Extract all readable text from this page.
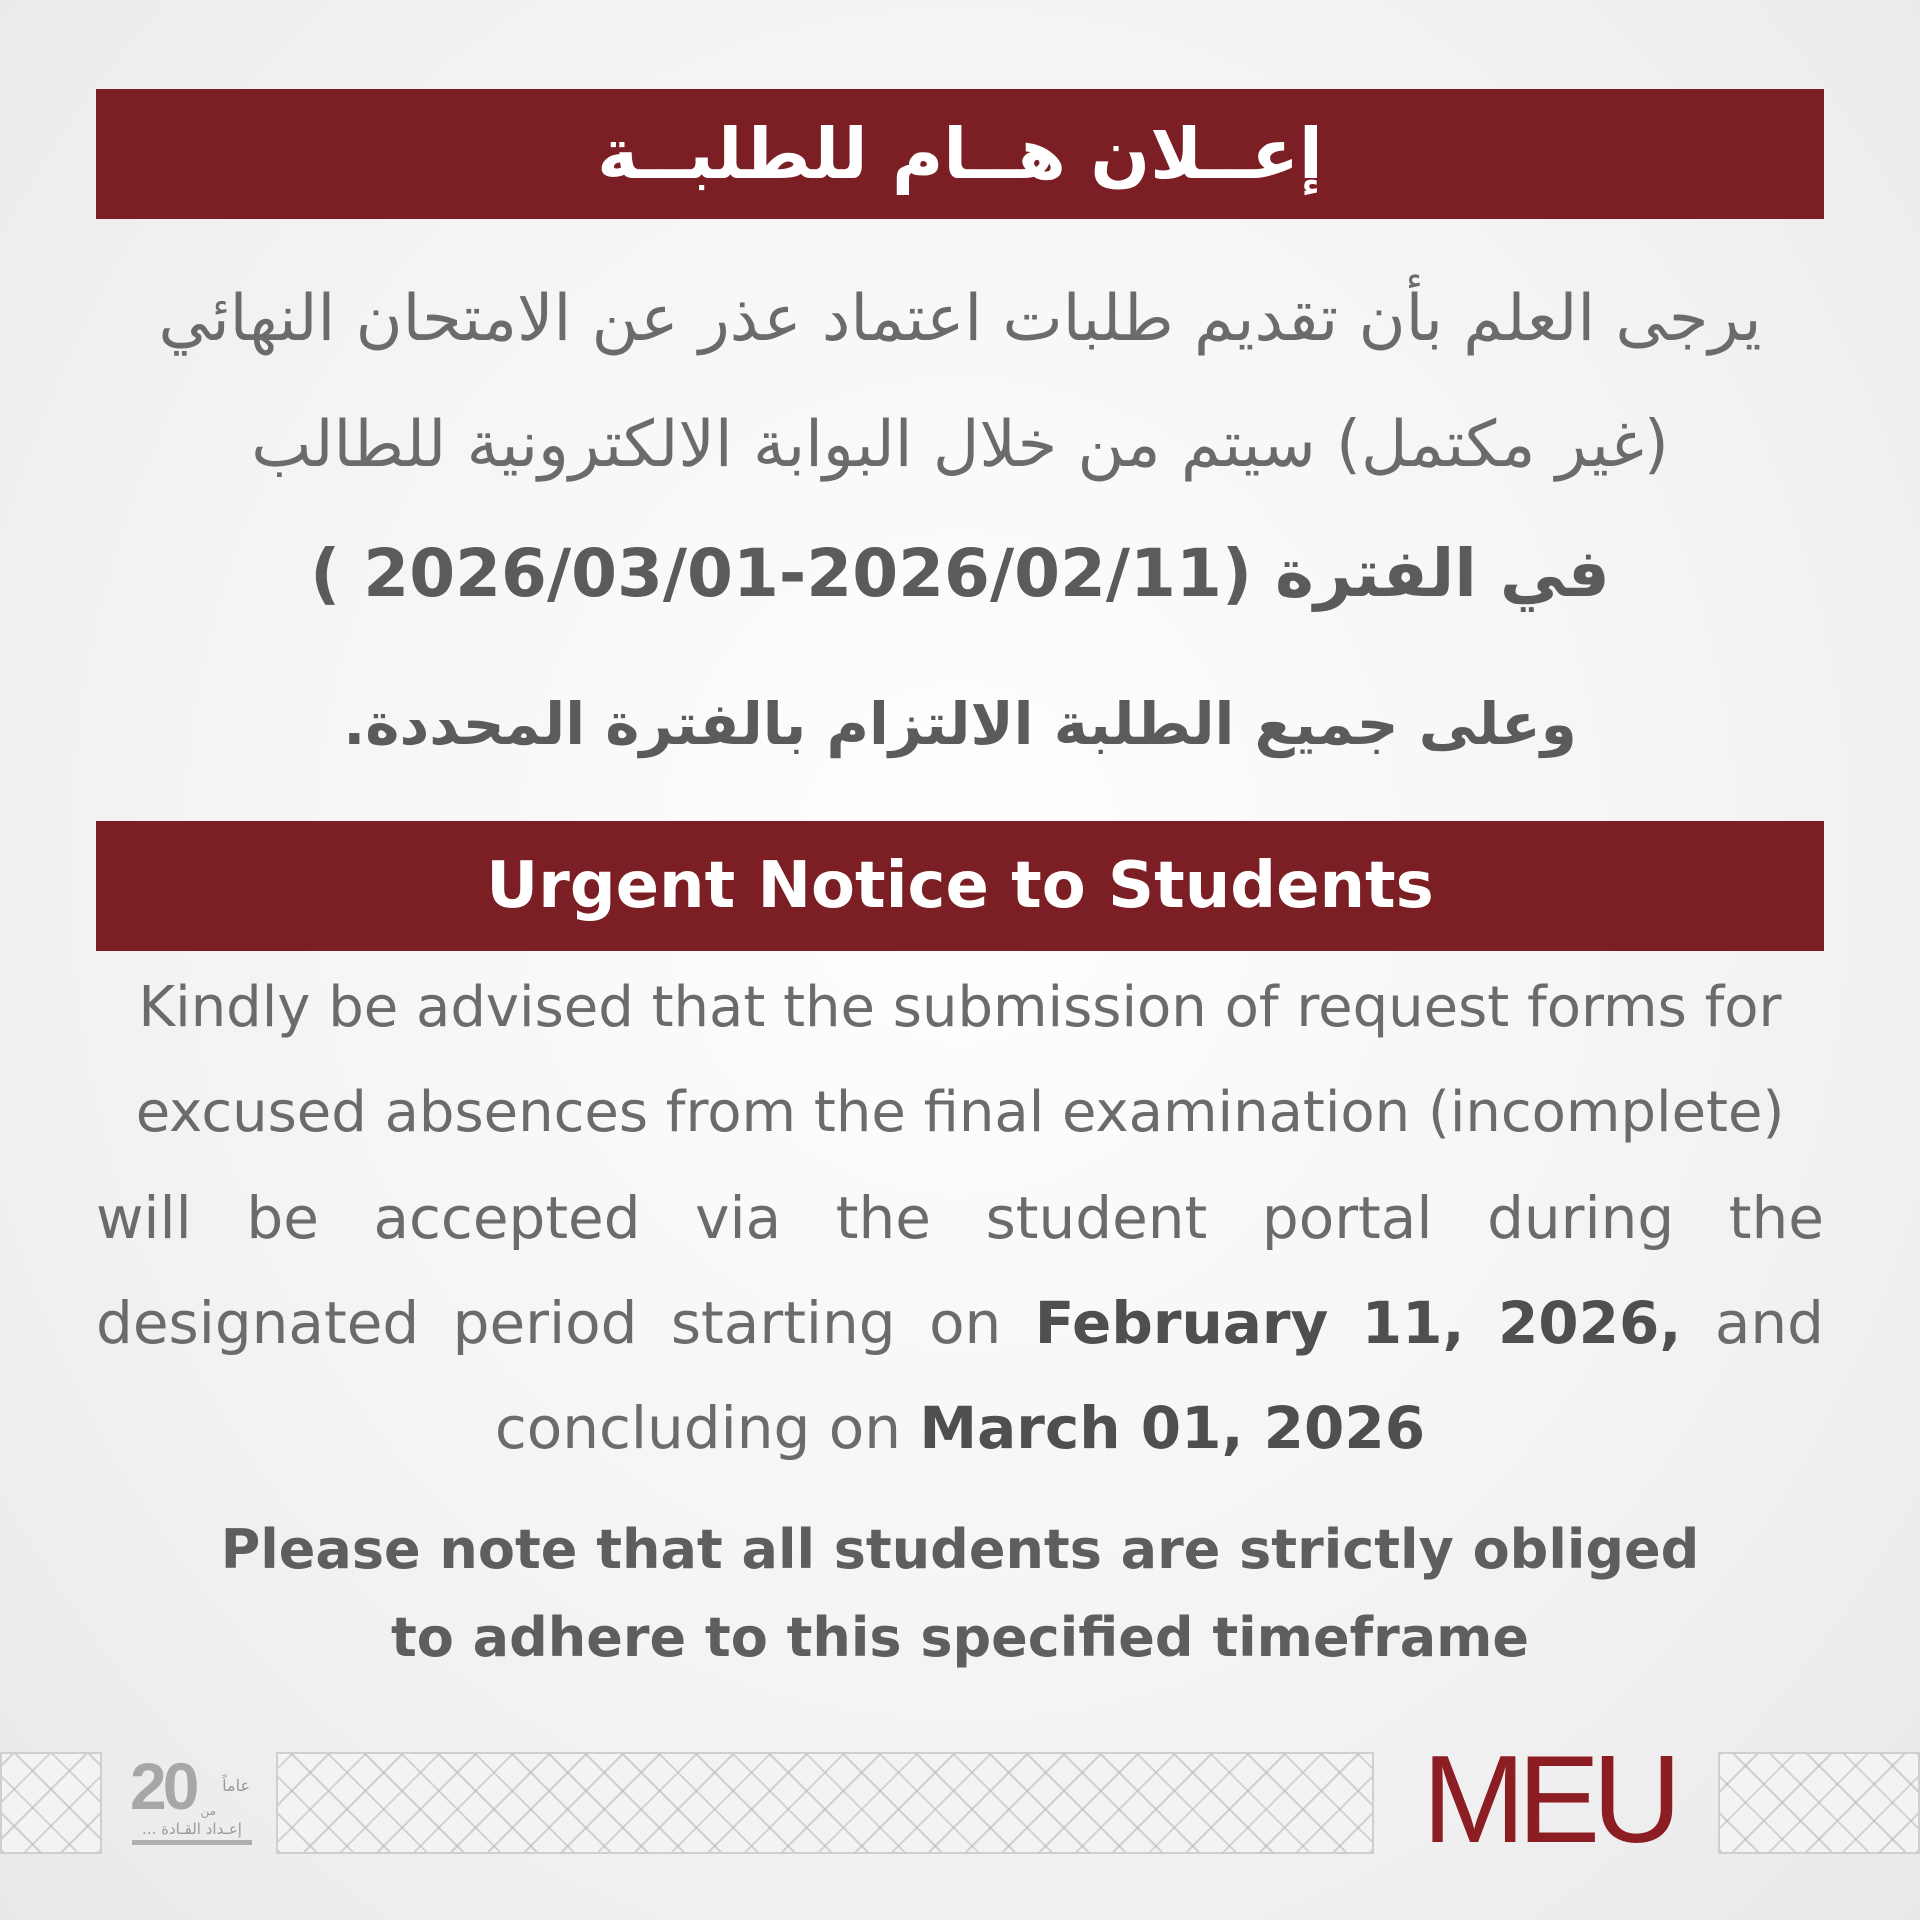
إعــلان هــام للطلبــة
يرجى العلم بأن تقديم طلبات اعتماد عذر عن الامتحان النهائي
(غير مكتمل) سيتم من خلال البوابة الالكترونية للطالب
في الفترة (2026/02/11-2026/03/01 )
وعلى جميع الطلبة الالتزام بالفترة المحددة.
Urgent Notice to Students
Kindly be advised that the submission of request forms for
excused absences from the final examination (incomplete)
will be accepted via the student portal during the
designated period starting on February 11, 2026, and
concluding on March 01, 2026
Please note that all students are strictly obliged
to adhere to this specified timeframe
20 عاماً
من
إعـداد القـادة ...	MEU
